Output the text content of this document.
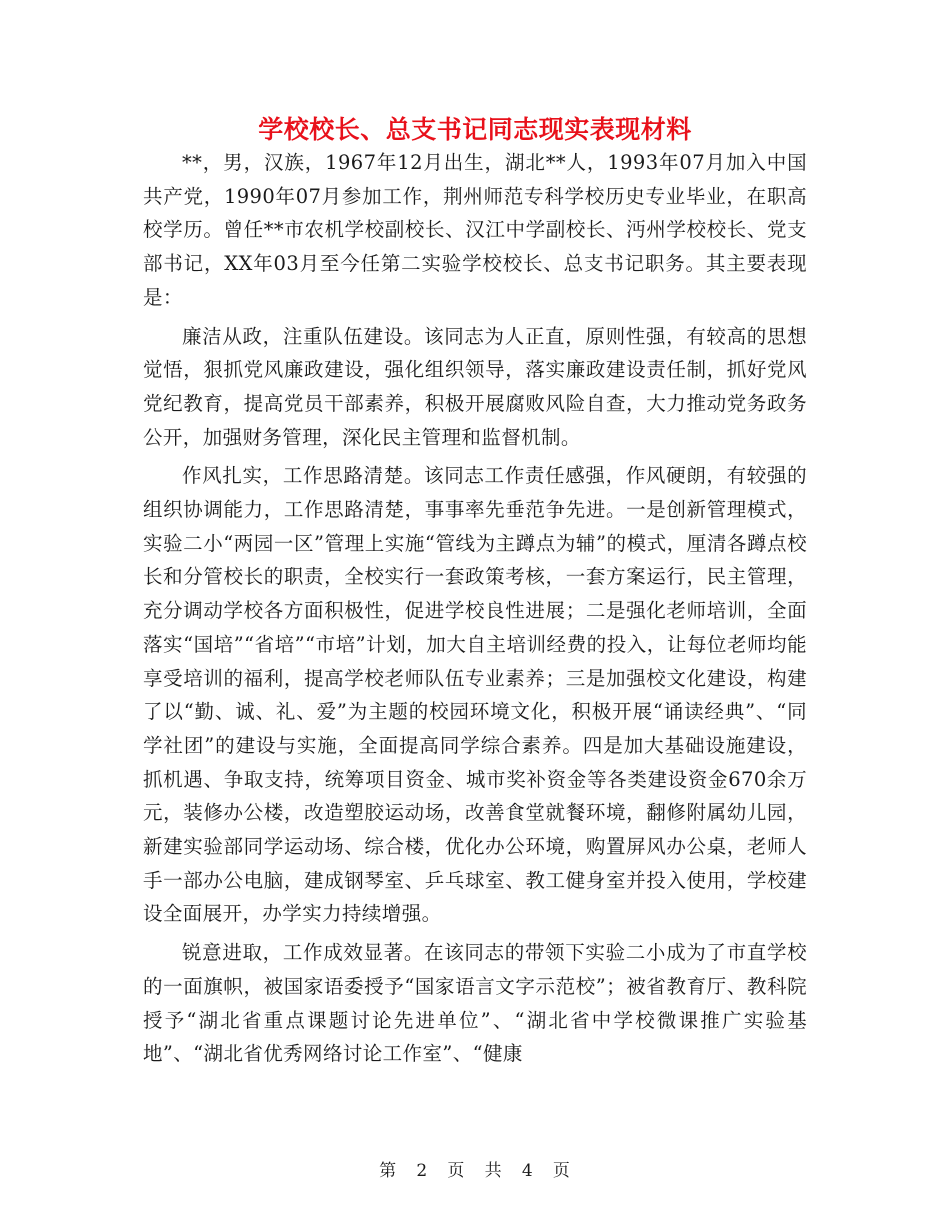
学校校长、总支书记同志现实表现材料

**，男，汉族，1967年12月出生，湖北**人，1993年07月加入中国共产党，1990年07月参加工作，荆州师范专科学校历史专业毕业，在职高校学历。曾任**市农机学校副校长、汉江中学副校长、沔州学校校长、党支部书记，XX年03月至今任第二实验学校校长、总支书记职务。其主要表现是：

廉洁从政，注重队伍建设。该同志为人正直，原则性强，有较高的思想觉悟，狠抓党风廉政建设，强化组织领导，落实廉政建设责任制，抓好党风党纪教育，提高党员干部素养，积极开展腐败风险自查，大力推动党务政务公开，加强财务管理，深化民主管理和监督机制。

作风扎实，工作思路清楚。该同志工作责任感强，作风硬朗，有较强的组织协调能力，工作思路清楚，事事率先垂范争先进。一是创新管理模式，实验二小“两园一区”管理上实施“管线为主蹲点为辅”的模式，厘清各蹲点校长和分管校长的职责，全校实行一套政策考核，一套方案运行，民主管理，充分调动学校各方面积极性，促进学校良性进展；二是强化老师培训，全面落实“国培”“省培”“市培”计划，加大自主培训经费的投入，让每位老师均能享受培训的福利，提高学校老师队伍专业素养；三是加强校文化建设，构建了以“勤、诚、礼、爱”为主题的校园环境文化，积极开展“诵读经典”、“同学社团”的建设与实施，全面提高同学综合素养。四是加大基础设施建设，抓机遇、争取支持，统筹项目资金、城市奖补资金等各类建设资金670余万元，装修办公楼，改造塑胶运动场，改善食堂就餐环境，翻修附属幼儿园，新建实验部同学运动场、综合楼，优化办公环境，购置屏风办公桌，老师人手一部办公电脑，建成钢琴室、乒乓球室、教工健身室并投入使用，学校建设全面展开，办学实力持续增强。

锐意进取，工作成效显著。在该同志的带领下实验二小成为了市直学校的一面旗帜，被国家语委授予“国家语言文字示范校”；被省教育厅、教科院授予“湖北省重点课题讨论先进单位”、“湖北省中学校微课推广实验基地”、“湖北省优秀网络讨论工作室”、“健康

第 2 页 共 4 页
